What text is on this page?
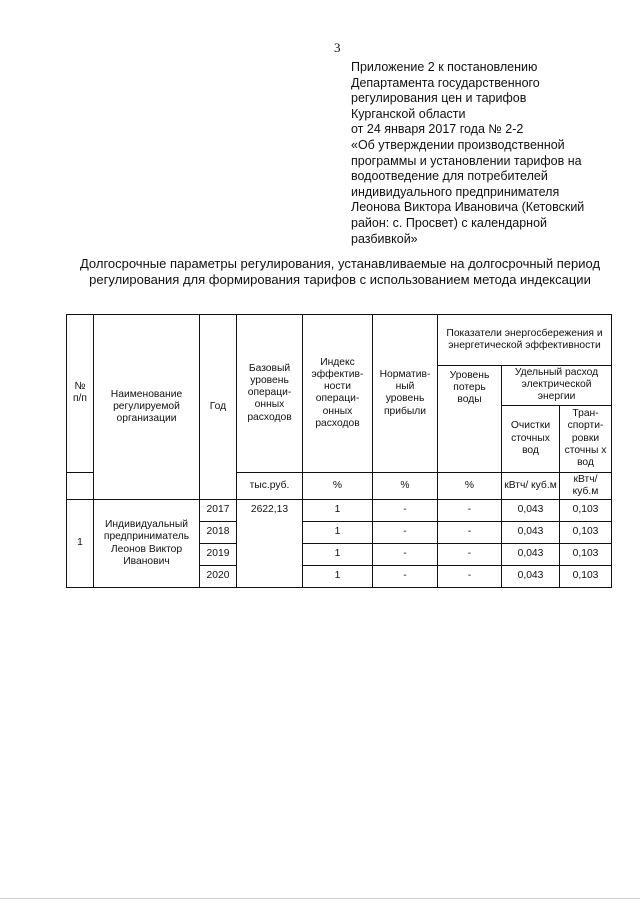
3
Приложение 2 к постановлению
Департамента государственного
регулирования цен и тарифов
Курганской области
от 24 января 2017 года № 2-2
«Об утверждении производственной
программы и установлении тарифов на
водоотведение для потребителей
индивидуального предпринимателя
Леонова Виктора Ивановича (Кетовский
район: с. Просвет) с календарной
разбивкой»
Долгосрочные параметры регулирования, устанавливаемые на долгосрочный период
регулирования для формирования тарифов с использованием метода индексации
№ п/п	Наименование регулируемой организации	Год	Базовый уровень операци-онных расходов	Индекс эффектив-ности операци-онных расходов	Норматив-ный уровень прибыли	Показатели энергосбережения и энергетической эффективности		
						Уровень потерь воды	Удельный расход электрической энергии	
							Очистки сточных вод	Тран-спорти-ровки сточны х вод
			тыс.руб.	%	%	%	кВтч/ куб.м	кВтч/ куб.м
1	Индивидуальный предприниматель Леонов Виктор Иванович	2017	2622,13	1	-	-	0,043	0,103
		2018		1	-	-	0,043	0,103
		2019		1	-	-	0,043	0,103
		2020		1	-	-	0,043	0,103
